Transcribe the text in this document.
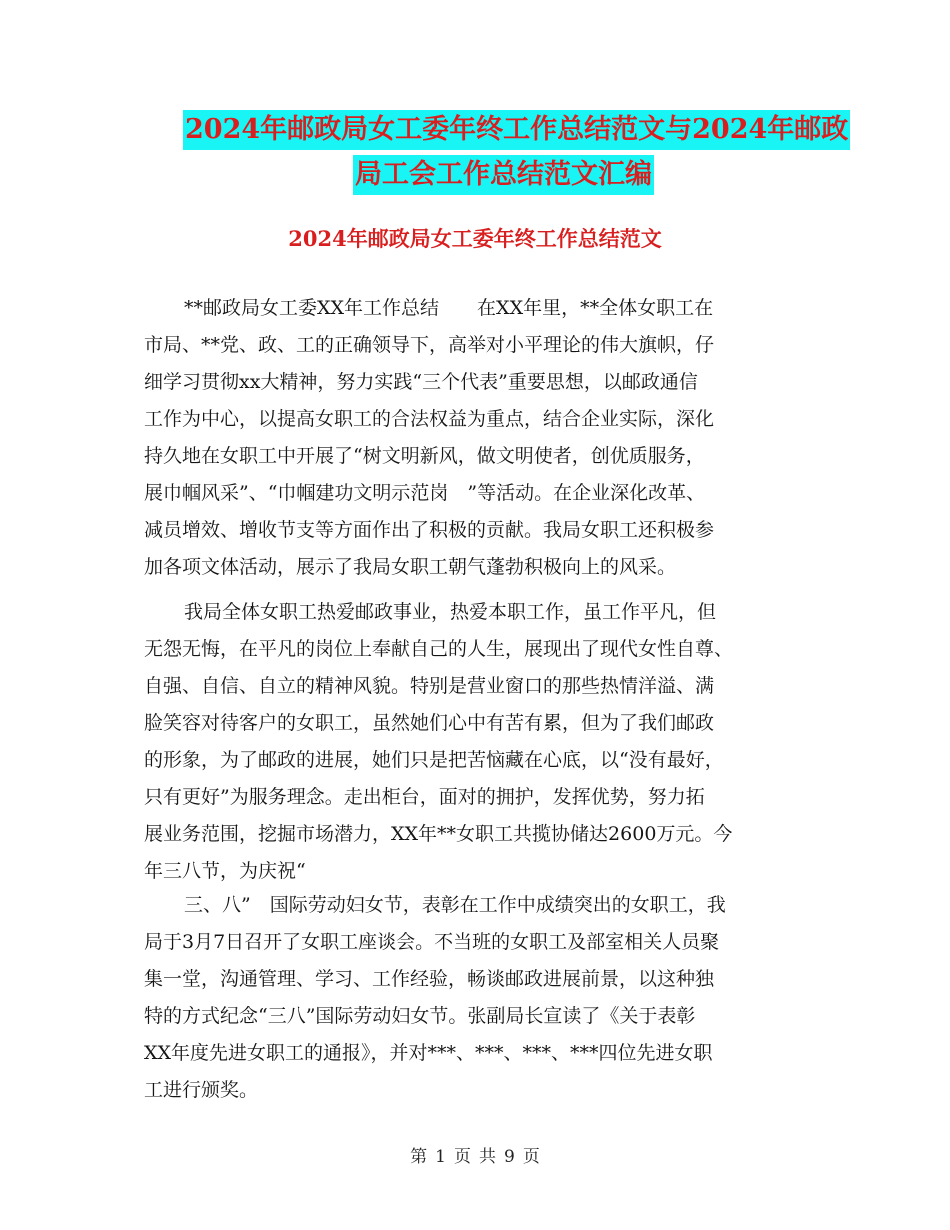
2024年邮政局女工委年终工作总结范文与2024年邮政
局工会工作总结范文汇编
2024年邮政局女工委年终工作总结范文
**邮政局女工委XX年工作总结　　在XX年里，**全体女职工在
市局、**党、政、工的正确领导下，高举对小平理论的伟大旗帜，仔
细学习贯彻xx大精神，努力实践“三个代表”重要思想，以邮政通信
工作为中心，以提高女职工的合法权益为重点，结合企业实际，深化
持久地在女职工中开展了“树文明新风，做文明使者，创优质服务，
展巾帼风采”、“巾帼建功文明示范岗　”等活动。在企业深化改革、
减员增效、增收节支等方面作出了积极的贡献。我局女职工还积极参
加各项文体活动，展示了我局女职工朝气蓬勃积极向上的风采。
我局全体女职工热爱邮政事业，热爱本职工作，虽工作平凡，但
无怨无悔，在平凡的岗位上奉献自己的人生，展现出了现代女性自尊、
自强、自信、自立的精神风貌。特别是营业窗口的那些热情洋溢、满
脸笑容对待客户的女职工，虽然她们心中有苦有累，但为了我们邮政
的形象，为了邮政的进展，她们只是把苦恼藏在心底，以“没有最好，
只有更好”为服务理念。走出柜台，面对的拥护，发挥优势，努力拓
展业务范围，挖掘市场潜力，XX年**女职工共揽协储达2600万元。今
年三八节，为庆祝“
三、八”　国际劳动妇女节，表彰在工作中成绩突出的女职工，我
局于3月7日召开了女职工座谈会。不当班的女职工及部室相关人员聚
集一堂，沟通管理、学习、工作经验，畅谈邮政进展前景，以这种独
特的方式纪念“三八”国际劳动妇女节。张副局长宣读了《关于表彰
XX年度先进女职工的通报》，并对***、***、***、***四位先进女职
工进行颁奖。
第 1 页 共 9 页
